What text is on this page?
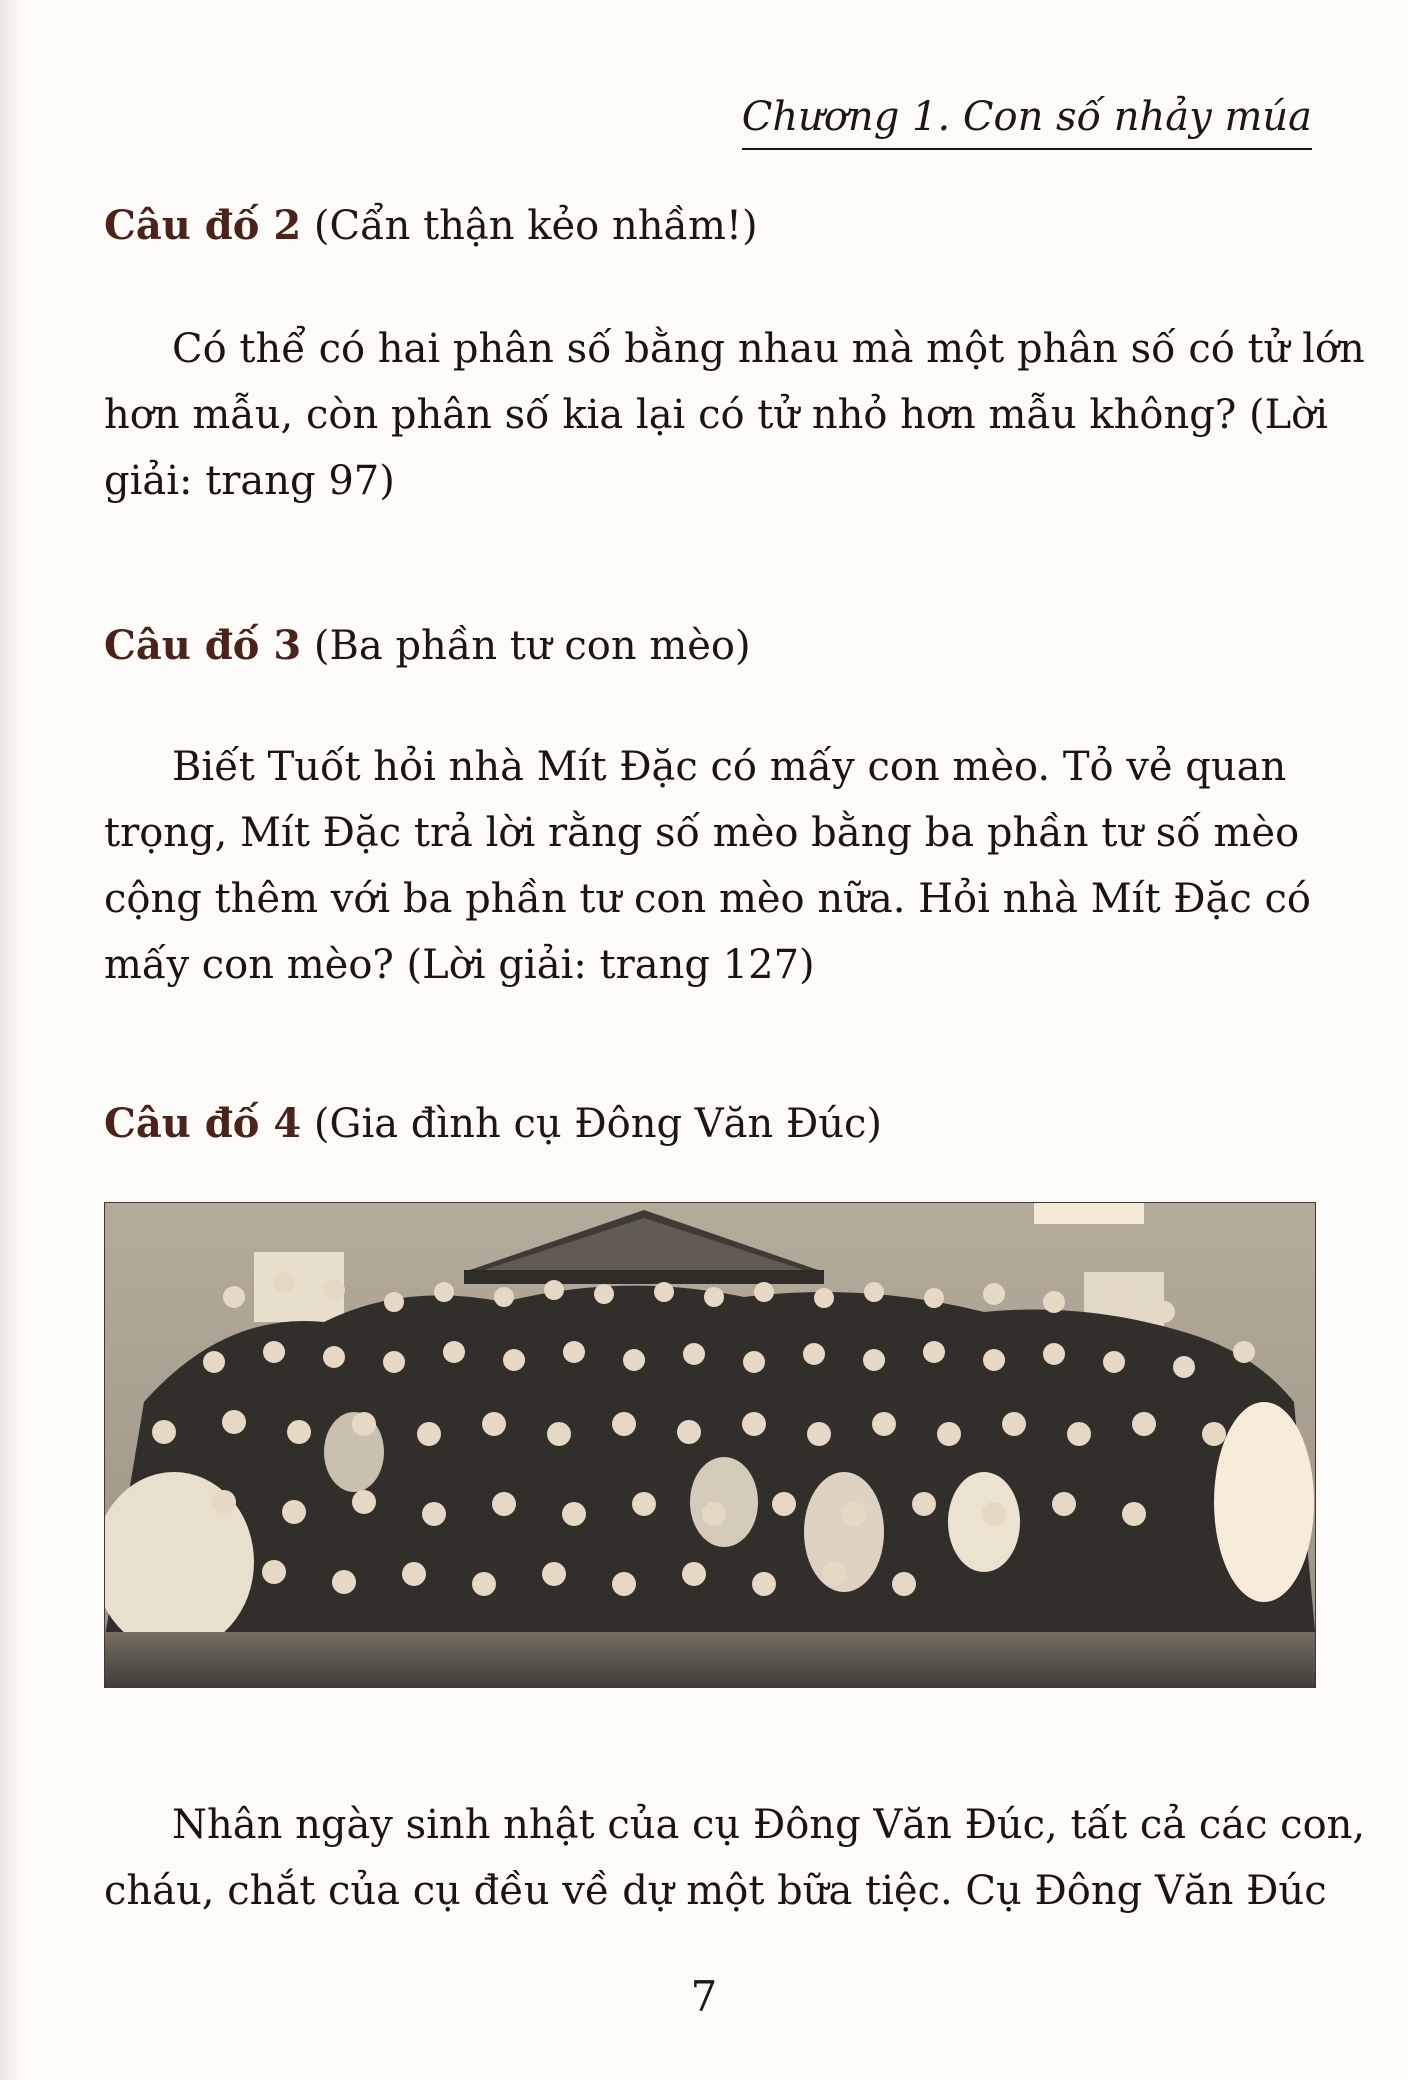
Chương 1. Con số nhảy múa
Câu đố 2 (Cẩn thận kẻo nhầm!)

Có thể có hai phân số bằng nhau mà một phân số có tử lớn
hơn mẫu, còn phân số kia lại có tử nhỏ hơn mẫu không? (Lời
giải: trang 97)

Câu đố 3 (Ba phần tư con mèo)

Biết Tuốt hỏi nhà Mít Đặc có mấy con mèo. Tỏ vẻ quan
trọng, Mít Đặc trả lời rằng số mèo bằng ba phần tư số mèo
cộng thêm với ba phần tư con mèo nữa. Hỏi nhà Mít Đặc có
mấy con mèo? (Lời giải: trang 127)

Câu đố 4 (Gia đình cụ Đông Văn Đúc)

Nhân ngày sinh nhật của cụ Đông Văn Đúc, tất cả các con,
cháu, chắt của cụ đều về dự một bữa tiệc. Cụ Đông Văn Đúc

7
